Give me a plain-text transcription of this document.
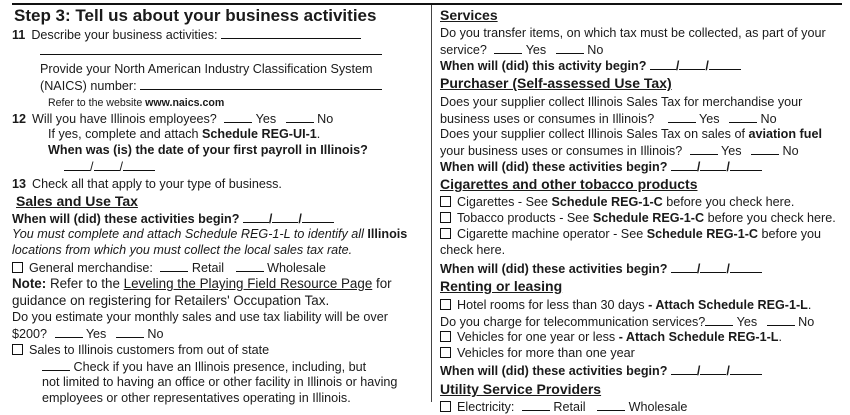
Step 3: Tell us about your business activities
11 Describe your business activities:
Provide your North American Industry Classification System
(NAICS) number:
Refer to the website www.naics.com
12 Will you have Illinois employees?	Yes	No
If yes, complete and attach Schedule REG-UI-1.
When was (is) the date of your first payroll in Illinois?
/ /
13 Check all that apply to your type of business.
Sales and Use Tax
When will (did) these activities begin? / /
You must complete and attach Schedule REG-1-L to identify all Illinois
locations from which you must collect the local sales tax rate.
General merchandise:	Retail	Wholesale
Note: Refer to the Leveling the Playing Field Resource Page for
guidance on registering for Retailers' Occupation Tax.
Do you estimate your monthly sales and use tax liability will be over
$200?	Yes	No
Sales to Illinois customers from out of state
Check if you have an Illinois presence, including, but
not limited to having an office or other facility in Illinois or having
employees or other representatives operating in Illinois.
Services
Do you transfer items, on which tax must be collected, as part of your
service?	Yes	No
When will (did) this activity begin? / /
Purchaser (Self-assessed Use Tax)
Does your supplier collect Illinois Sales Tax for merchandise your
business uses or consumes in Illinois?	Yes	No
Does your supplier collect Illinois Sales Tax on sales of aviation fuel
your business uses or consumes in Illinois?	Yes	No
When will (did) these activities begin? / /
Cigarettes and other tobacco products
Cigarettes - See Schedule REG-1-C before you check here.
Tobacco products - See Schedule REG-1-C before you check here.
Cigarette machine operator - See Schedule REG-1-C before you
check here.
When will (did) these activities begin? / /
Renting or leasing
Hotel rooms for less than 30 days - Attach Schedule REG-1-L.
Do you charge for telecommunication services? Yes	No
Vehicles for one year or less - Attach Schedule REG-1-L.
Vehicles for more than one year
When will (did) these activities begin? / /
Utility Service Providers
Electricity:	Retail	Wholesale
